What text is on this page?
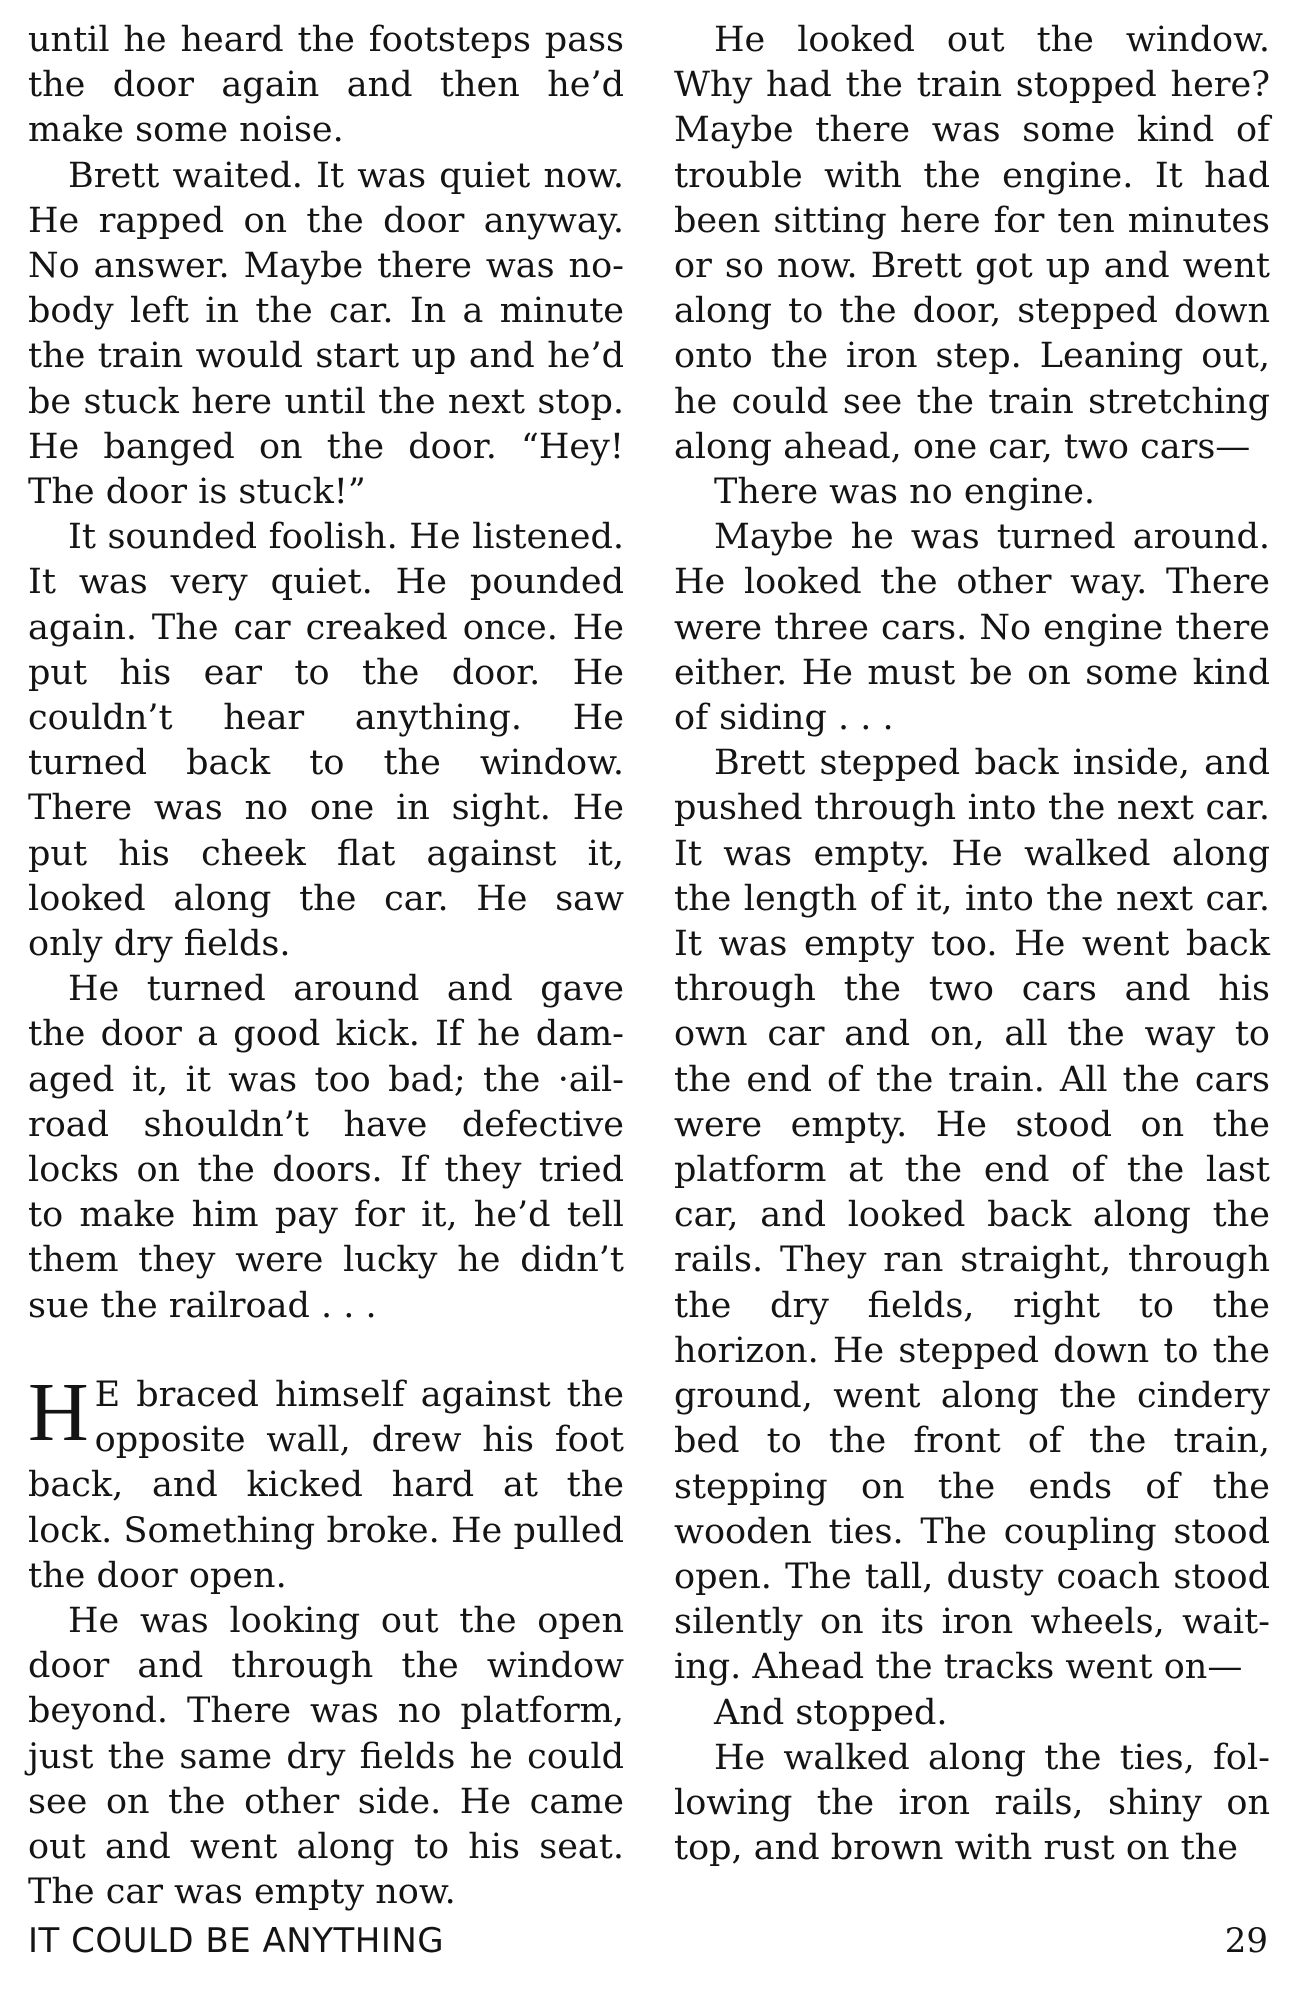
until he heard the footsteps pass the door again and then he’d make some noise.

Brett waited. It was quiet now. He rapped on the door anyway. No answer. Maybe there was nobody left in the car. In a minute the train would start up and he’d be stuck here until the next stop. He banged on the door. “Hey! The door is stuck!”

It sounded foolish. He listened. It was very quiet. He pounded again. The car creaked once. He put his ear to the door. He couldn’t hear anything. He turned back to the window. There was no one in sight. He put his cheek flat against it, looked along the car. He saw only dry fields.

He turned around and gave the door a good kick. If he damaged it, it was too bad; the ·ailroad shouldn’t have defective locks on the doors. If they tried to make him pay for it, he’d tell them they were lucky he didn’t sue the railroad . . .

H E braced himself against the opposite wall, drew his foot back, and kicked hard at the lock. Something broke. He pulled the door open.

He was looking out the open door and through the window beyond. There was no platform, just the same dry fields he could see on the other side. He came out and went along to his seat. The car was empty now.

He looked out the window. Why had the train stopped here? Maybe there was some kind of trouble with the engine. It had been sitting here for ten minutes or so now. Brett got up and went along to the door, stepped down onto the iron step. Leaning out, he could see the train stretching along ahead, one car, two cars—

There was no engine.

Maybe he was turned around. He looked the other way. There were three cars. No engine there either. He must be on some kind of siding . . .

Brett stepped back inside, and pushed through into the next car. It was empty. He walked along the length of it, into the next car. It was empty too. He went back through the two cars and his own car and on, all the way to the end of the train. All the cars were empty. He stood on the platform at the end of the last car, and looked back along the rails. They ran straight, through the dry fields, right to the horizon. He stepped down to the ground, went along the cindery bed to the front of the train, stepping on the ends of the wooden ties. The coupling stood open. The tall, dusty coach stood silently on its iron wheels, waiting. Ahead the tracks went on—

And stopped.

He walked along the ties, following the iron rails, shiny on top, and brown with rust on the

IT COULD BE ANYTHING	29
